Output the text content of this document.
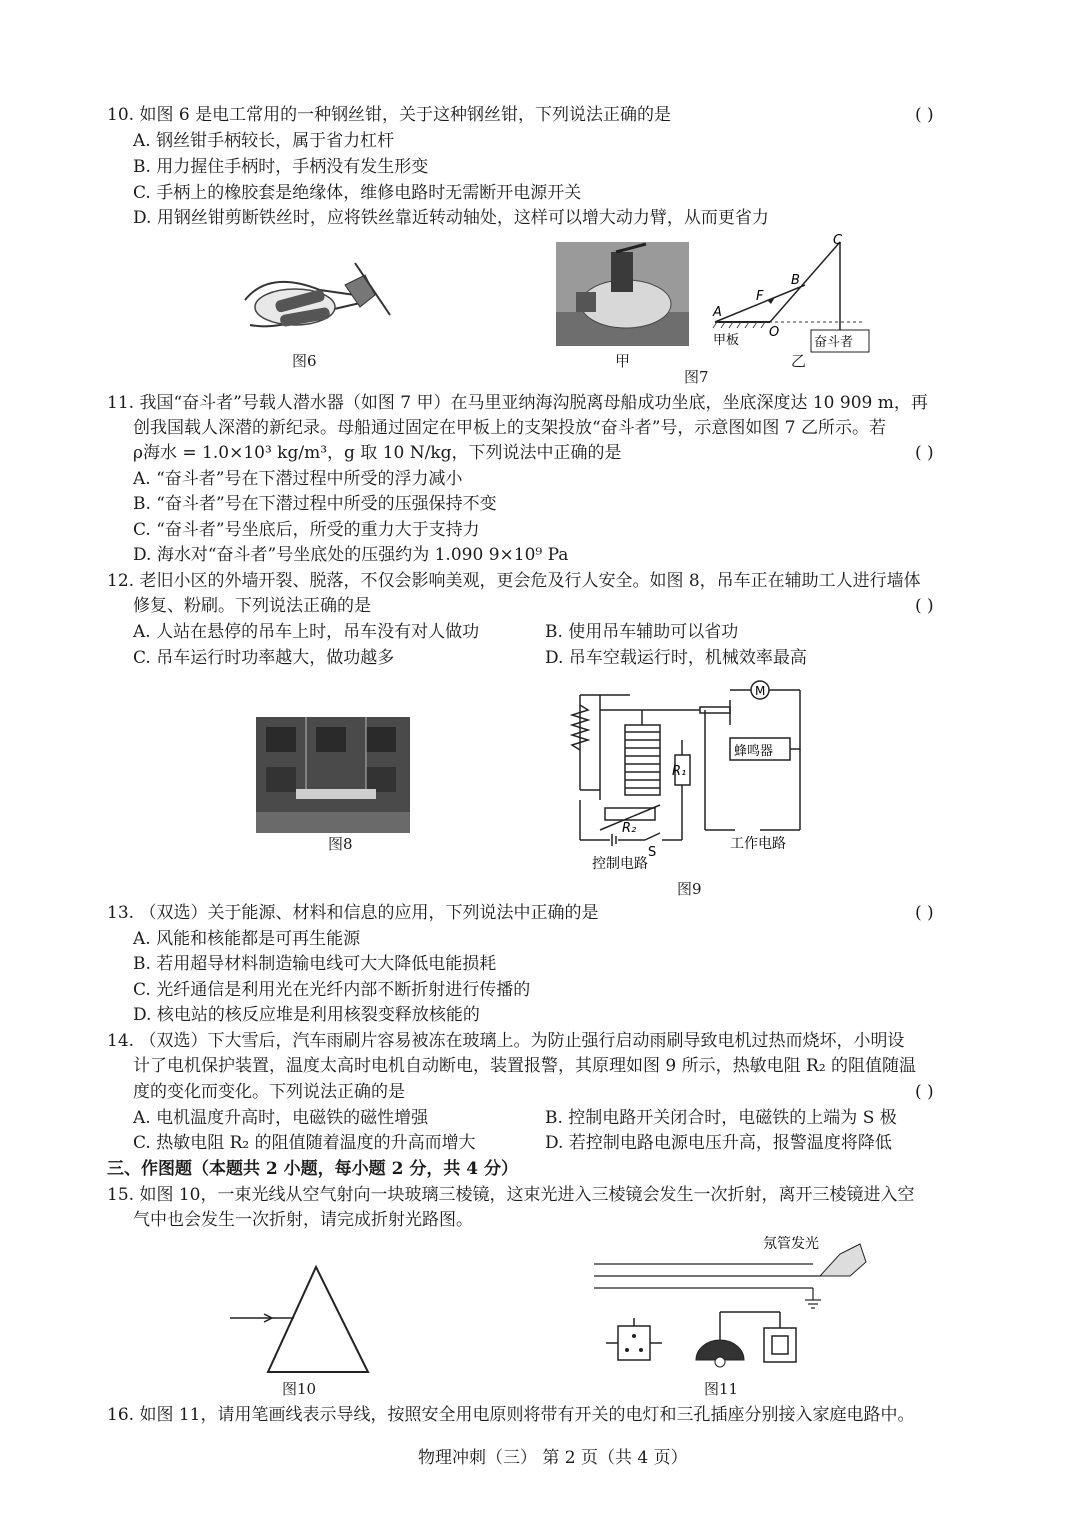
10. 如图 6 是电工常用的一种钢丝钳，关于这种钢丝钳，下列说法正确的是	( )
A. 钢丝钳手柄较长，属于省力杠杆
B. 用力握住手柄时，手柄没有发生形变
C. 手柄上的橡胶套是绝缘体，维修电路时无需断开电源开关
D. 用钢丝钳剪断铁丝时，应将铁丝靠近转动轴处，这样可以增大动力臂，从而更省力
图6	甲
A
B
C
F
O
甲板	奋斗者
乙
图7
11. 我国“奋斗者”号载人潜水器（如图 7 甲）在马里亚纳海沟脱离母船成功坐底，坐底深度达 10 909 m，再
创我国载人深潜的新纪录。母船通过固定在甲板上的支架投放“奋斗者”号，示意图如图 7 乙所示。若
ρ海水 = 1.0×10³ kg/m³，g 取 10 N/kg，下列说法中正确的是	( )
A. “奋斗者”号在下潜过程中所受的浮力减小
B. “奋斗者”号在下潜过程中所受的压强保持不变
C. “奋斗者”号坐底后，所受的重力大于支持力
D. 海水对“奋斗者”号坐底处的压强约为 1.090 9×10⁹ Pa
12. 老旧小区的外墙开裂、脱落，不仅会影响美观，更会危及行人安全。如图 8，吊车正在辅助工人进行墙体
修复、粉刷。下列说法正确的是	( )
A. 人站在悬停的吊车上时，吊车没有对人做功	B. 使用吊车辅助可以省功
C. 吊车运行时功率越大，做功越多	D. 吊车空载运行时，机械效率最高
图8
M
蜂鸣器
R₁
R₂
S
控制电路
工作电路
图9
13. （双选）关于能源、材料和信息的应用，下列说法中正确的是	( )
A. 风能和核能都是可再生能源
B. 若用超导材料制造输电线可大大降低电能损耗
C. 光纤通信是利用光在光纤内部不断折射进行传播的
D. 核电站的核反应堆是利用核裂变释放核能的
14. （双选）下大雪后，汽车雨刷片容易被冻在玻璃上。为防止强行启动雨刷导致电机过热而烧坏，小明设
计了电机保护装置，温度太高时电机自动断电，装置报警，其原理如图 9 所示，热敏电阻 R₂ 的阻值随温
度的变化而变化。下列说法正确的是	( )
A. 电机温度升高时，电磁铁的磁性增强	B. 控制电路开关闭合时，电磁铁的上端为 S 极
C. 热敏电阻 R₂ 的阻值随着温度的升高而增大	D. 若控制电路电源电压升高，报警温度将降低
三、作图题（本题共 2 小题，每小题 2 分，共 4 分）
15. 如图 10，一束光线从空气射向一块玻璃三棱镜，这束光进入三棱镜会发生一次折射，离开三棱镜进入空
气中也会发生一次折射，请完成折射光路图。
图10
氖管发光
图11
16. 如图 11，请用笔画线表示导线，按照安全用电原则将带有开关的电灯和三孔插座分别接入家庭电路中。
物理冲刺（三） 第 2 页（共 4 页）
